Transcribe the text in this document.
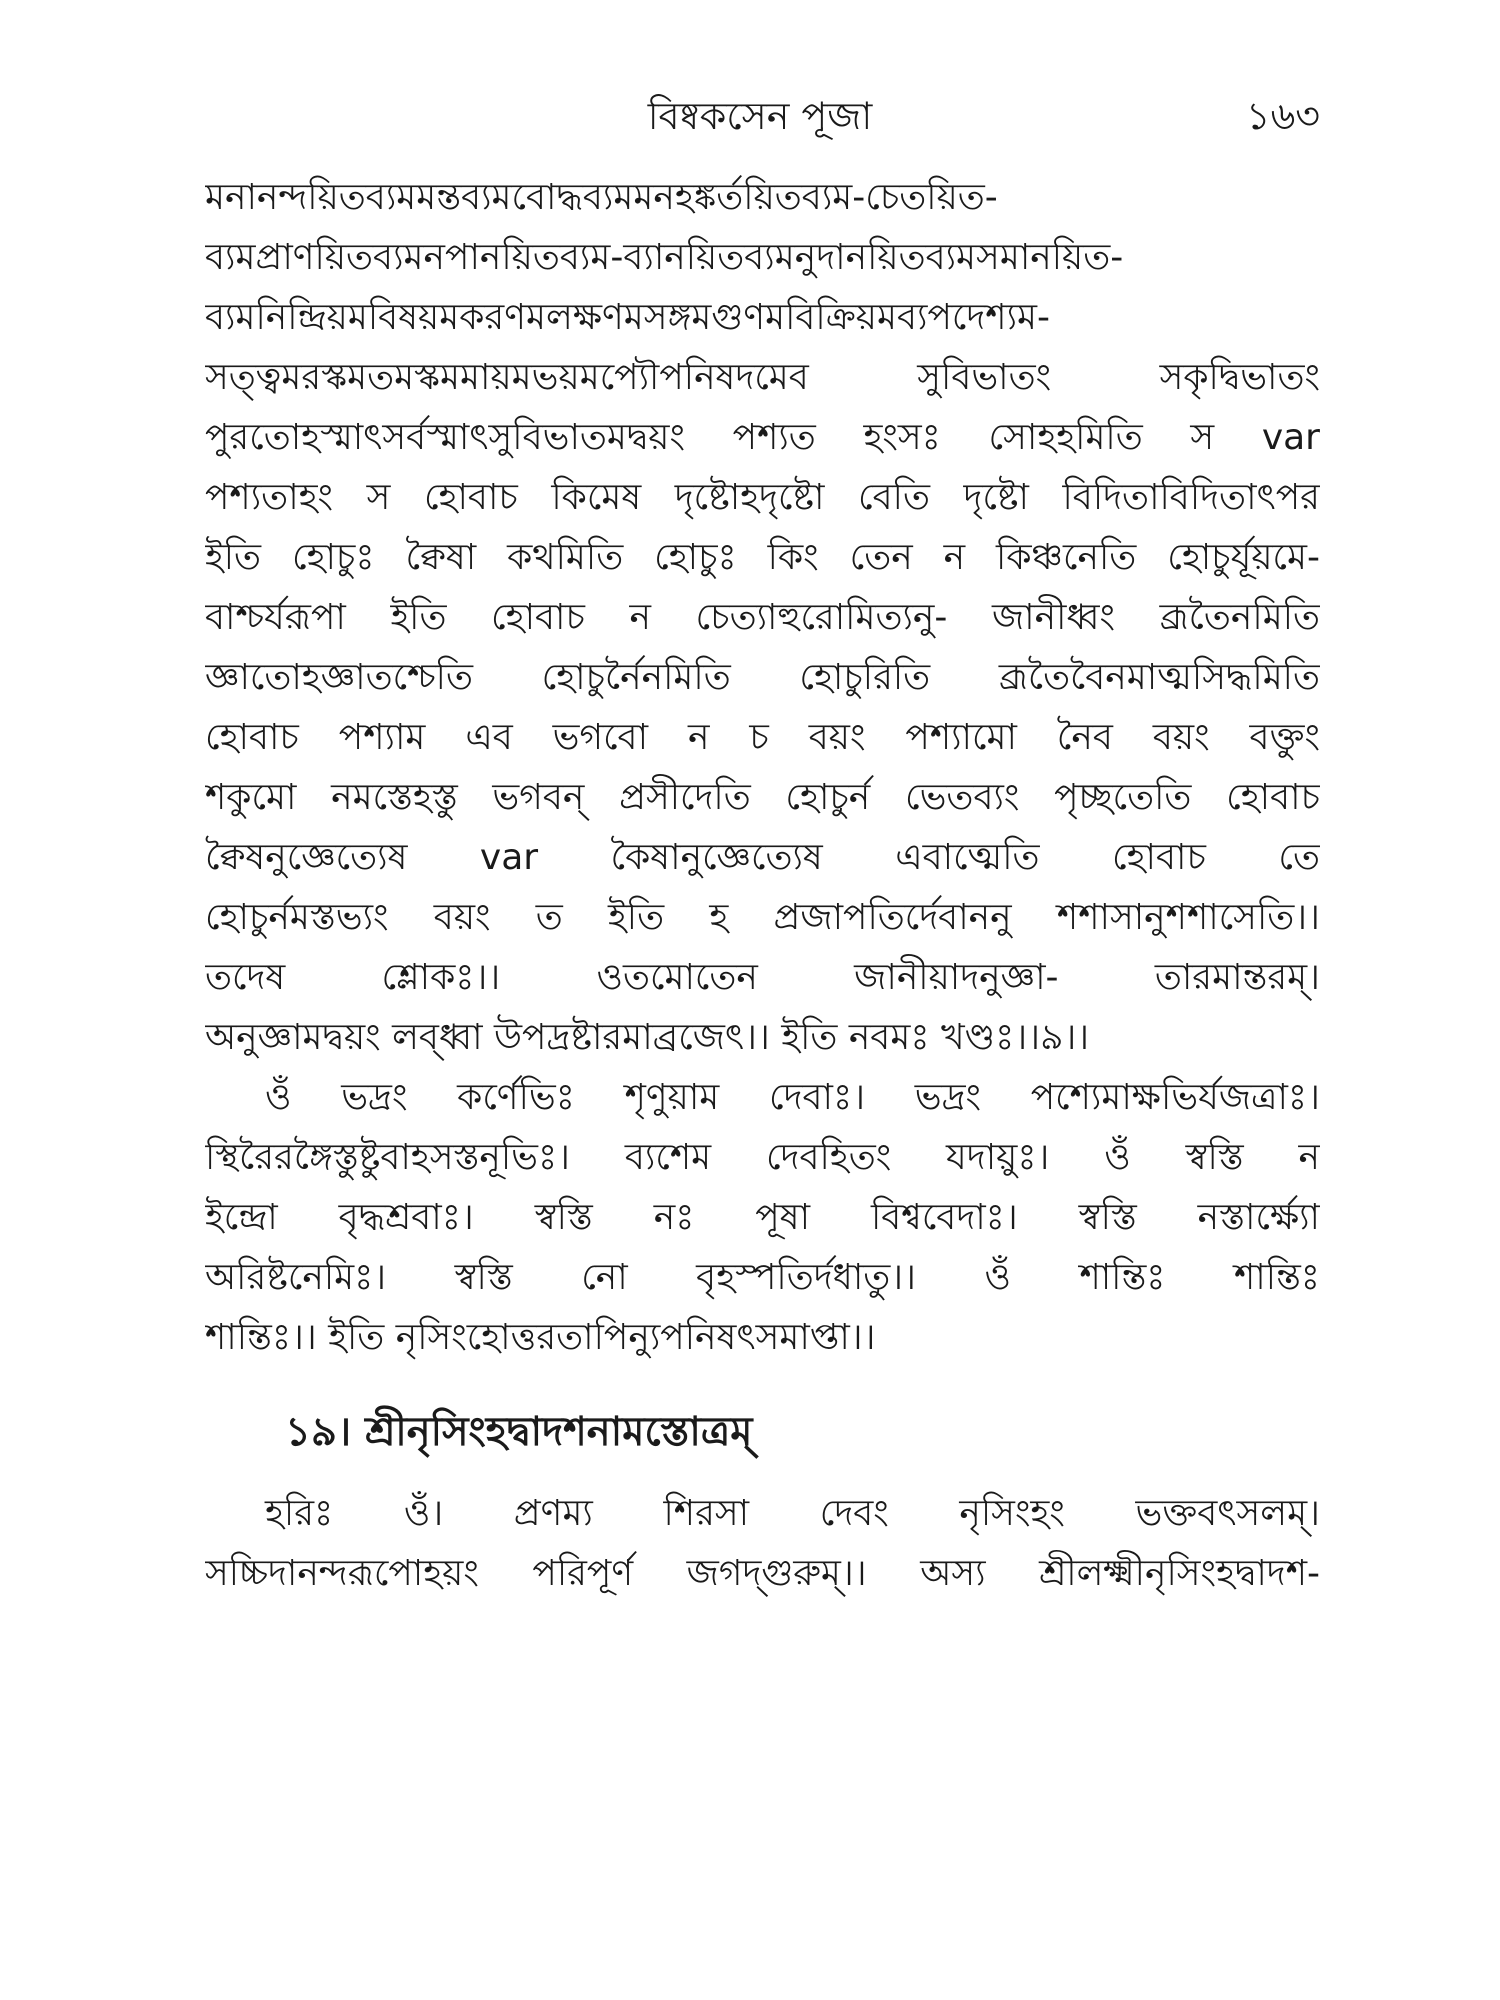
বিষ্বকসেন পূজা	১৬৩
মনানন্দয়িতব্যমমন্তব্যমবোদ্ধব্যমমনহঙ্কর্তয়িতব্যম-চেতয়িত-
ব্যমপ্রাণয়িতব্যমনপানয়িতব্যম-ব্যানয়িতব্যমনুদানয়িতব্যমসমানয়িত-
ব্যমনিন্দ্রিয়মবিষয়মকরণমলক্ষণমসঙ্গমগুণমবিক্রিয়মব্যপদেশ্যম-
সত্ত্বমরস্কমতমস্কমমায়মভয়মপ্যৌপনিষদমেব সুবিভাতং সকৃদ্বিভাতং
পুরতোহস্মাৎসর্বস্মাৎসুবিভাতমদ্বয়ং পশ্যত হংসঃ সোহহমিতি স var
পশ্যতাহং স হোবাচ কিমেষ দৃষ্টোহদৃষ্টো বেতি দৃষ্টো বিদিতাবিদিতাৎপর
ইতি হোচুঃ ক্বৈষা কথমিতি হোচুঃ কিং তেন ন কিঞ্চনেতি হোচুর্যূয়মে-
বাশ্চর্যরূপা ইতি হোবাচ ন চেত্যাহুরোমিত্যনু- জানীধ্বং ব্রূতৈনমিতি
জ্ঞাতোহজ্ঞাতশ্চেতি হোচুর্নৈনমিতি হোচুরিতি ব্রূতৈবৈনমাত্মসিদ্ধমিতি
হোবাচ পশ্যাম এব ভগবো ন চ বয়ং পশ্যামো নৈব বয়ং বক্তুং
শকুমো নমস্তেহস্তু ভগবন্ প্রসীদেতি হোচুর্ন ভেতব্যং পৃচ্ছতেতি হোবাচ
ক্বৈষনুজ্ঞেত্যেষ var কৈষানুজ্ঞেত্যেষ এবাত্মেতি হোবাচ তে
হোচুর্নমস্তভ্যং বয়ং ত ইতি হ প্রজাপতির্দেবাননু শশাসানুশশাসেতি।।
তদেষ শ্লোকঃ।। ওতমোতেন জানীয়াদনুজ্ঞা- তারমান্তরম্।
অনুজ্ঞামদ্বয়ং লব্ধ্বা উপদ্রষ্টারমাব্রজেৎ।। ইতি নবমঃ খণ্ডঃ।।৯।।
ওঁ ভদ্রং কর্ণেভিঃ শৃণুয়াম দেবাঃ। ভদ্রং পশ্যেমাক্ষভির্যজত্রাঃ।
স্থিরৈরঙ্গৈস্তুষ্টুবাহসস্তনূভিঃ। ব্যশেম দেবহিতং যদায়ুঃ। ওঁ স্বস্তি ন
ইন্দ্রো বৃদ্ধশ্রবাঃ। স্বস্তি নঃ পূষা বিশ্ববেদাঃ। স্বস্তি নস্তার্ক্ষ্যো
অরিষ্টনেমিঃ। স্বস্তি নো বৃহস্পতির্দধাতু।। ওঁ শান্তিঃ শান্তিঃ
শান্তিঃ।। ইতি নৃসিংহোত্তরতাপিন্যুপনিষৎসমাপ্তা।।
১৯। শ্রীনৃসিংহদ্বাদশনামস্তোত্রম্
হরিঃ ওঁ। প্রণম্য শিরসা দেবং নৃসিংহং ভক্তবৎসলম্।
সচ্চিদানন্দরূপোহয়ং পরিপূর্ণ জগদ্গুরুম্।। অস্য শ্রীলক্ষ্মীনৃসিংহদ্বাদশ-
